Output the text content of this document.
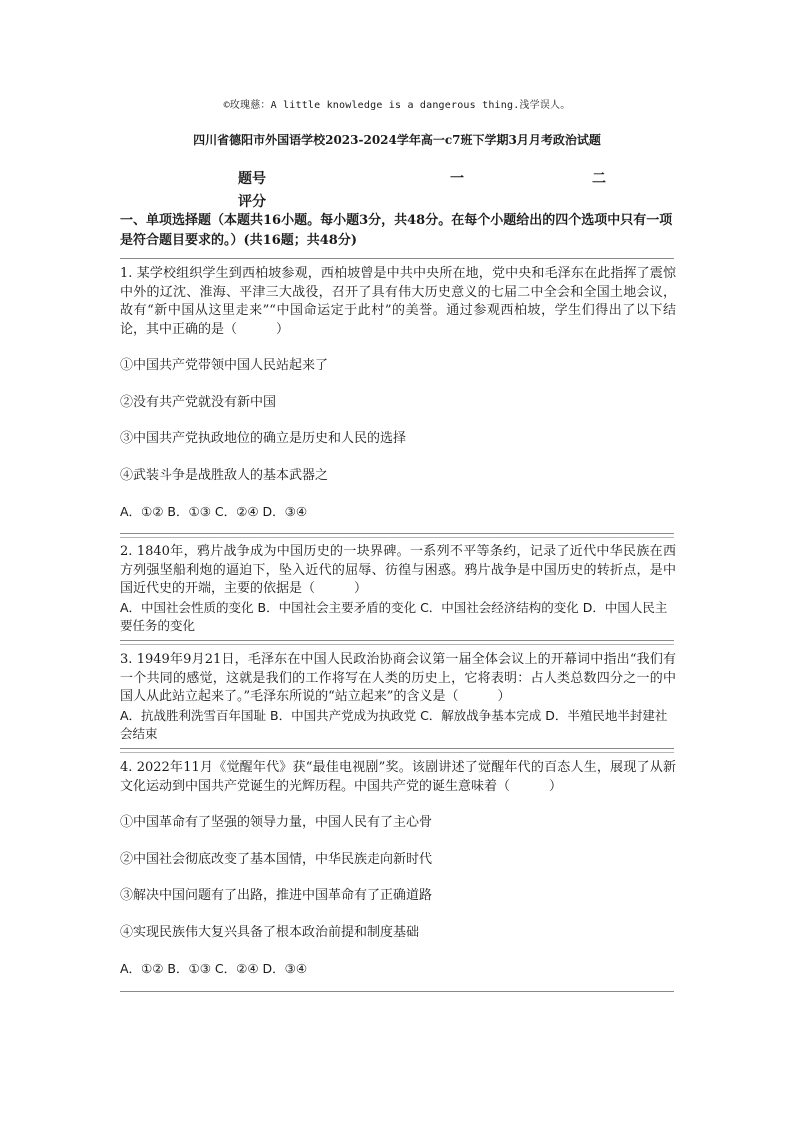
©玫瑰慈：A little knowledge is a dangerous thing.浅学误人。
四川省德阳市外国语学校2023-2024学年高一c7班下学期3月月考政治试题
题号	一	二
评分
一、单项选择题（本题共16小题。每小题3分，共48分。在每个小题给出的四个选项中只有一项是符合题目要求的。）(共16题；共48分)

1. 某学校组织学生到西柏坡参观，西柏坡曾是中共中央所在地，党中央和毛泽东在此指挥了震惊中外的辽沈、淮海、平津三大战役，召开了具有伟大历史意义的七届二中全会和全国土地会议，故有“新中国从这里走来”“中国命运定于此村”的美誉。通过参观西柏坡，学生们得出了以下结论，其中正确的是（　　　）

①中国共产党带领中国人民站起来了

②没有共产党就没有新中国

③中国共产党执政地位的确立是历史和人民的选择

④武装斗争是战胜敌人的基本武器之

A．①② B．①③ C．②④ D．③④

2. 1840年，鸦片战争成为中国历史的一块界碑。一系列不平等条约，记录了近代中华民族在西方列强坚船利炮的逼迫下，坠入近代的屈辱、彷徨与困惑。鸦片战争是中国历史的转折点，是中国近代史的开端，主要的依据是（　　　）

A．中国社会性质的变化 B．中国社会主要矛盾的变化 C．中国社会经济结构的变化 D．中国人民主要任务的变化

3. 1949年9月21日，毛泽东在中国人民政治协商会议第一届全体会议上的开幕词中指出“我们有一个共同的感觉，这就是我们的工作将写在人类的历史上，它将表明：占人类总数四分之一的中国人从此站立起来了。”毛泽东所说的“站立起来”的含义是（　　　）

A．抗战胜利洗雪百年国耻 B．中国共产党成为执政党 C．解放战争基本完成 D．半殖民地半封建社会结束

4. 2022年11月《觉醒年代》获“最佳电视剧”奖。该剧讲述了觉醒年代的百态人生，展现了从新文化运动到中国共产党诞生的光辉历程。中国共产党的诞生意味着（　　　）

①中国革命有了坚强的领导力量，中国人民有了主心骨

②中国社会彻底改变了基本国情，中华民族走向新时代

③解决中国问题有了出路，推进中国革命有了正确道路

④实现民族伟大复兴具备了根本政治前提和制度基础

A．①② B．①③ C．②④ D．③④
